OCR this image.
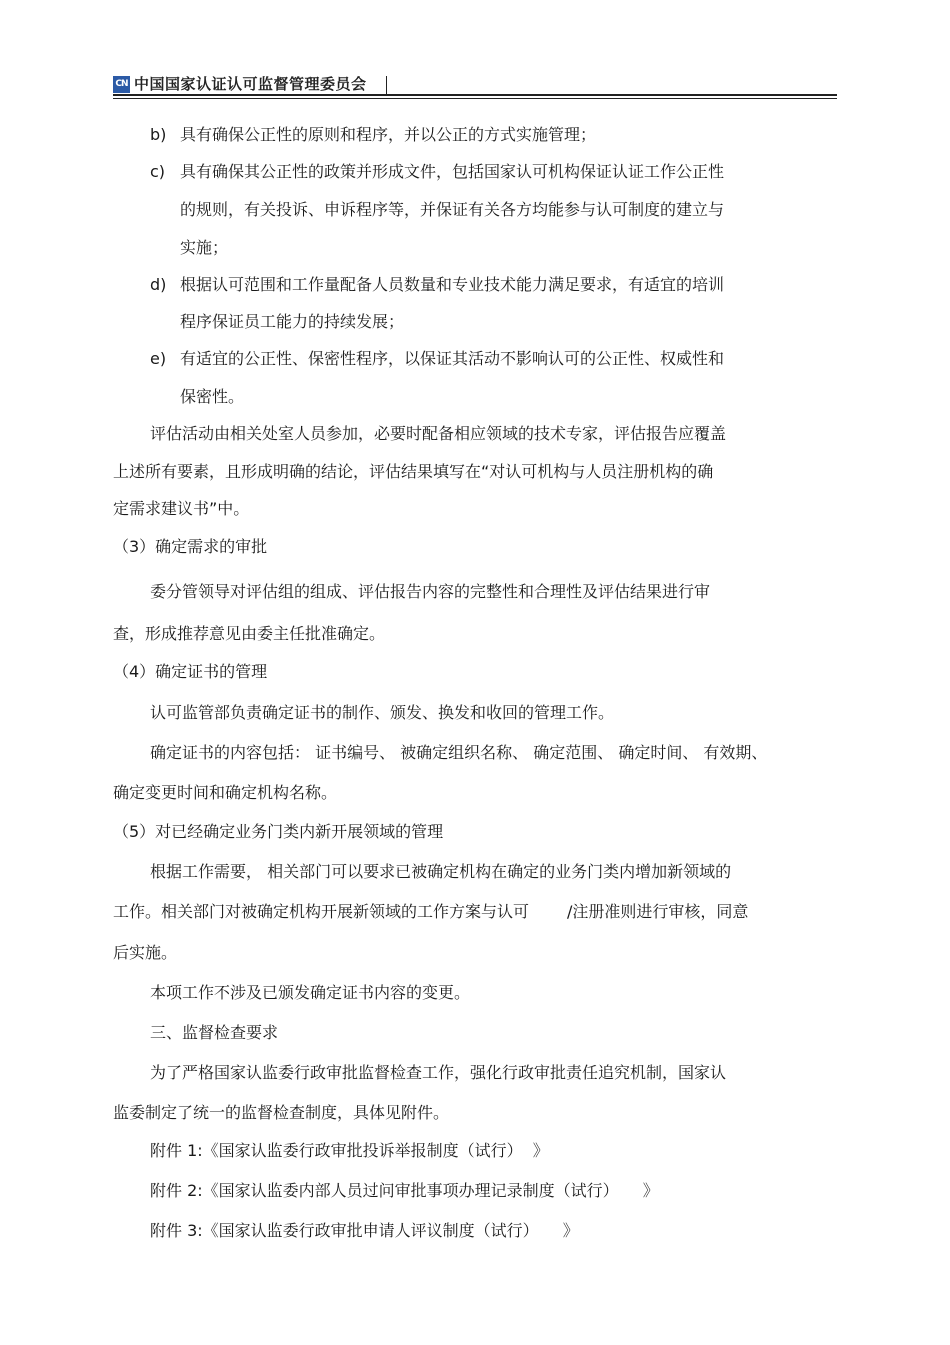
CN 中国国家认证认可监督管理委员会
b) 具有确保公正性的原则和程序，并以公正的方式实施管理；
c) 具有确保其公正性的政策并形成文件，包括国家认可机构保证认证工作公正性
的规则，有关投诉、申诉程序等，并保证有关各方均能参与认可制度的建立与
实施；
d) 根据认可范围和工作量配备人员数量和专业技术能力满足要求，有适宜的培训
程序保证员工能力的持续发展；
e) 有适宜的公正性、保密性程序，以保证其活动不影响认可的公正性、权威性和
保密性。
评估活动由相关处室人员参加，必要时配备相应领域的技术专家，评估报告应覆盖
上述所有要素，且形成明确的结论，评估结果填写在“对认可机构与人员注册机构的确
定需求建议书”中。
（3）确定需求的审批
委分管领导对评估组的组成、评估报告内容的完整性和合理性及评估结果进行审
查，形成推荐意见由委主任批准确定。
（4）确定证书的管理
认可监管部负责确定证书的制作、颁发、换发和收回的管理工作。
确定证书的内容包括： 证书编号、 被确定组织名称、 确定范围、 确定时间、 有效期、
确定变更时间和确定机构名称。
（5）对已经确定业务门类内新开展领域的管理
根据工作需要， 相关部门可以要求已被确定机构在确定的业务门类内增加新领域的
工作。相关部门对被确定机构开展新领域的工作方案与认可 /注册准则进行审核，同意
后实施。
本项工作不涉及已颁发确定证书内容的变更。
三、监督检查要求
为了严格国家认监委行政审批监督检查工作，强化行政审批责任追究机制，国家认
监委制定了统一的监督检查制度，具体见附件。
附件 1:《国家认监委行政审批投诉举报制度（试行） 》
附件 2:《国家认监委内部人员过问审批事项办理记录制度（试行） 》
附件 3:《国家认监委行政审批申请人评议制度（试行） 》
